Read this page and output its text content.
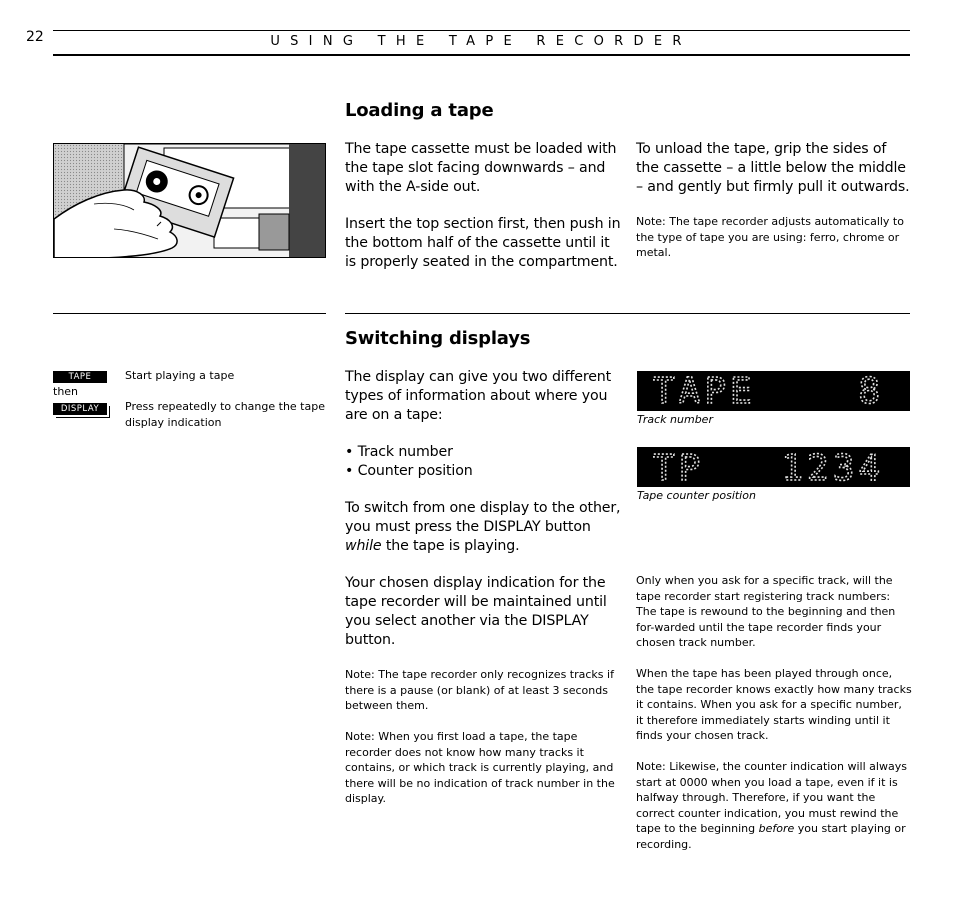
22	USING THE TAPE RECORDER
Loading a tape

The tape cassette must be loaded with the tape slot facing downwards – and with the A-side out.

Insert the top section first, then push in the bottom half of the cassette until it is properly seated in the compartment.

To unload the tape, grip the sides of the cassette – a little below the middle – and gently but firmly pull it outwards.

Note: The tape recorder adjusts automatically to the type of tape you are using: ferro, chrome or metal.
TAPE
then
DISPLAY
Start playing a tape
Press repeatedly to change the tape display indication
Switching displays

The display can give you two different types of information about where you are on a tape:

• Track number
• Counter position

To switch from one display to the other, you must press the DISPLAY button while the tape is playing.

Your chosen display indication for the tape recorder will be maintained until you select another via the DISPLAY button.

Note: The tape recorder only recognizes tracks if there is a pause (or blank) of at least 3 seconds between them.

Note: When you first load a tape, the tape recorder does not know how many tracks it contains, or which track is currently playing, and there will be no indication of track number in the display.

TAPE    8
Track number
TP   1234
Tape counter position

Only when you ask for a specific track, will the tape recorder start registering track numbers: The tape is rewound to the beginning and then for-warded until the tape recorder finds your chosen track number.

When the tape has been played through once, the tape recorder knows exactly how many tracks it contains. When you ask for a specific number, it therefore immediately starts winding until it finds your chosen track.

Note: Likewise, the counter indication will always start at 0000 when you load a tape, even if it is halfway through. Therefore, if you want the correct counter indication, you must rewind the tape to the beginning before you start playing or recording.
